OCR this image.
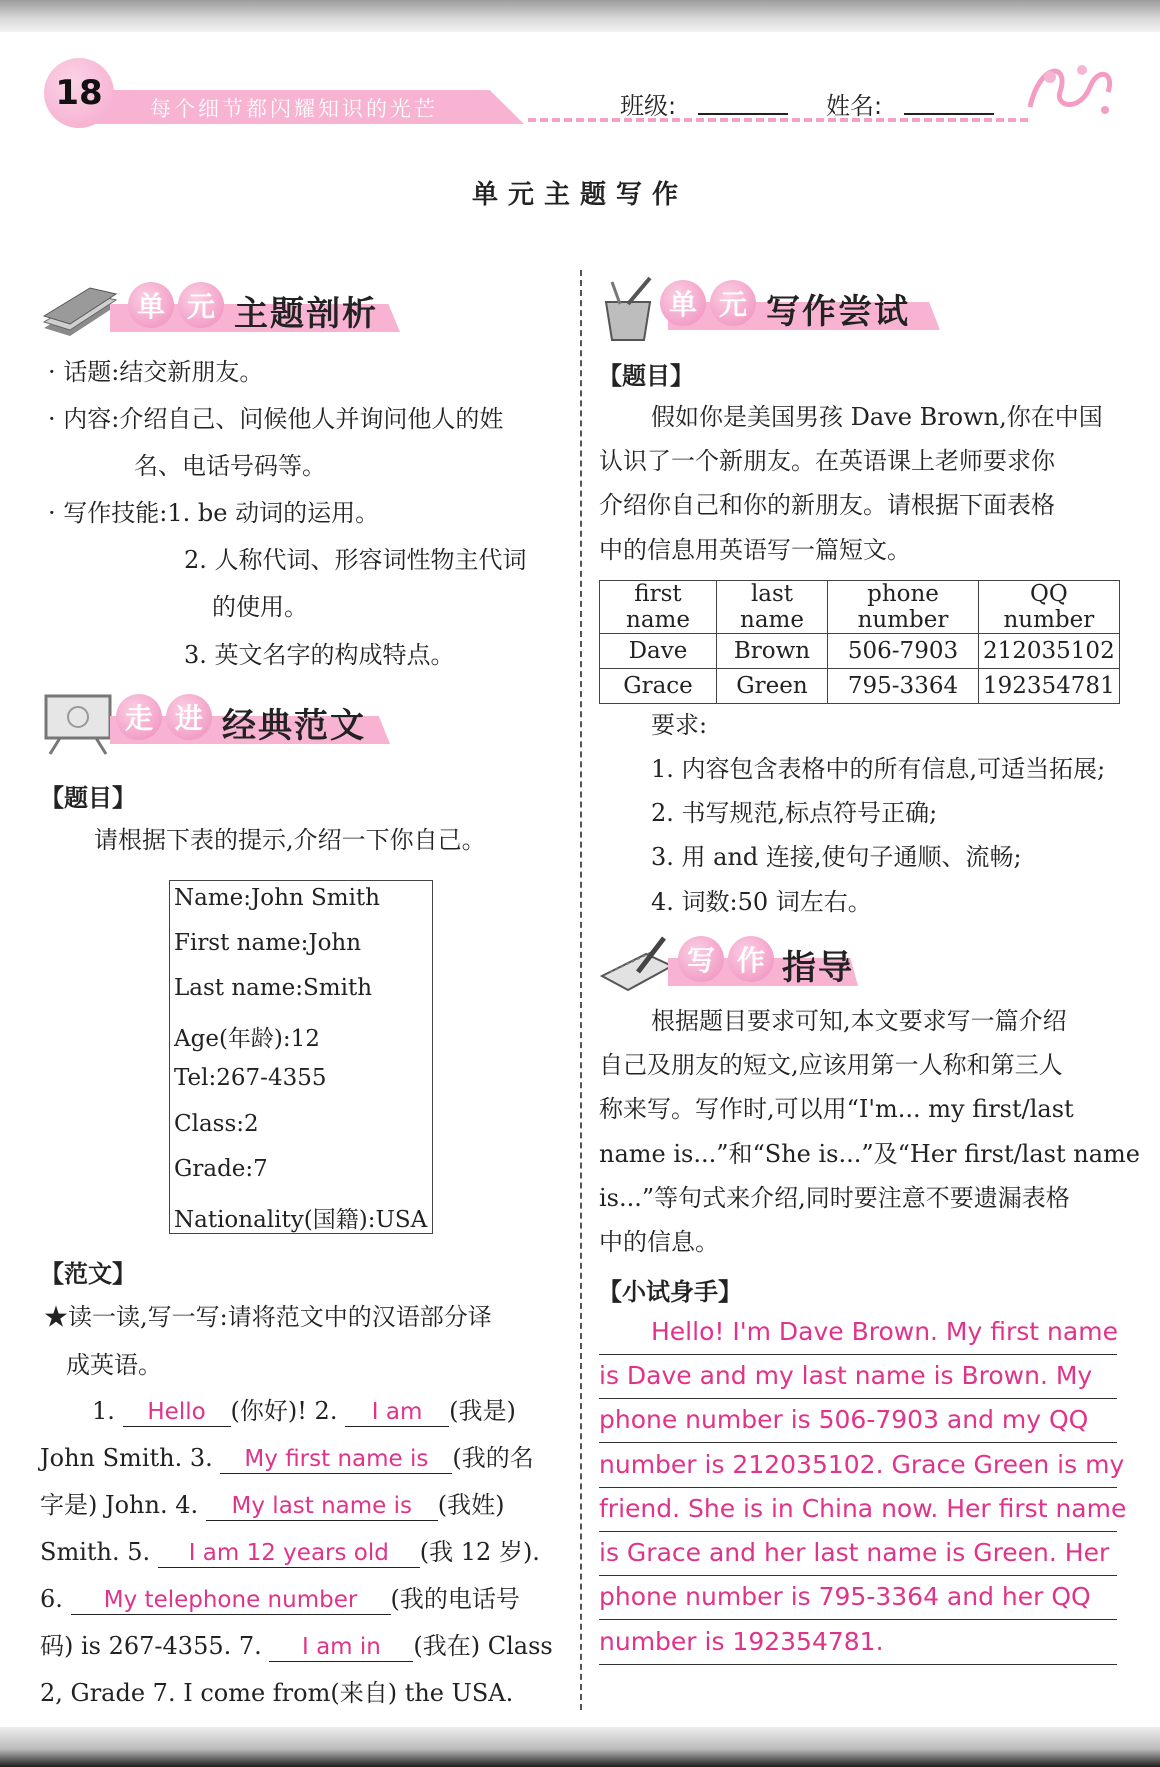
18	每个细节都闪耀知识的光芒	班级:	姓名:
单元主题写作
单 元 主题剖析
· 话题:结交新朋友。
· 内容:介绍自己、问候他人并询问他人的姓
名、电话号码等。
· 写作技能:1. be 动词的运用。
2. 人称代词、形容词性物主代词
的使用。
3. 英文名字的构成特点。
走 进 经典范文
【题目】
请根据下表的提示,介绍一下你自己。
Name:John Smith
First name:John
Last name:Smith
Age(年龄):12
Tel:267-4355
Class:2
Grade:7
Nationality(国籍):USA
【范文】
★读一读,写一写:请将范文中的汉语部分译
成英语。
1. Hello (你好)! 2. I am (我是)
John Smith. 3. My first name is (我的名
字是) John. 4. My last name is (我姓)
Smith. 5. I am 12 years old (我 12 岁).
6. My telephone number (我的电话号
码) is 267-4355. 7. I am in (我在) Class
2, Grade 7. I come from(来自) the USA.
单 元 写作尝试
【题目】
假如你是美国男孩 Dave Brown,你在中国
认识了一个新朋友。在英语课上老师要求你
介绍你自己和你的新朋友。请根据下面表格
中的信息用英语写一篇短文。
first name	last name	phone number	QQ number
Dave	Brown	506-7903	212035102
Grace	Green	795-3364	192354781
要求:
1. 内容包含表格中的所有信息,可适当拓展;
2. 书写规范,标点符号正确;
3. 用 and 连接,使句子通顺、流畅;
4. 词数:50 词左右。
写 作 指导
根据题目要求可知,本文要求写一篇介绍
自己及朋友的短文,应该用第一人称和第三人
称来写。写作时,可以用“I'm... my first/last
name is...”和“She is...”及“Her first/last name
is...”等句式来介绍,同时要注意不要遗漏表格
中的信息。
【小试身手】
Hello! I'm Dave Brown. My first name
is Dave and my last name is Brown. My
phone number is 506-7903 and my QQ
number is 212035102. Grace Green is my
friend. She is in China now. Her first name
is Grace and her last name is Green. Her
phone number is 795-3364 and her QQ
number is 192354781.
